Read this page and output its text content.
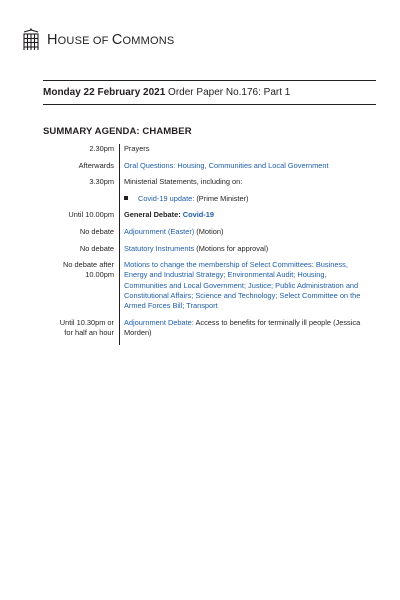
HOUSE OF COMMONS
Monday 22 February 2021 Order Paper No.176: Part 1
SUMMARY AGENDA: CHAMBER
2.30pm Prayers
Afterwards Oral Questions: Housing, Communities and Local Government
3.30pm Ministerial Statements, including on:
Covid-19 update: (Prime Minister)
Until 10.00pm General Debate: Covid-19
No debate Adjournment (Easter) (Motion)
No debate Statutory Instruments (Motions for approval)
No debate after
10.00pm
Motions to change the membership of Select Committees: Business, Energy and Industrial Strategy; Environmental Audit; Housing, Communities and Local Government; Justice; Public Administration and Constitutional Affairs; Science and Technology; Select Committee on the Armed Forces Bill; Transport
Until 10.30pm or
for half an hour
Adjournment Debate: Access to benefits for terminally ill people (Jessica Morden)
